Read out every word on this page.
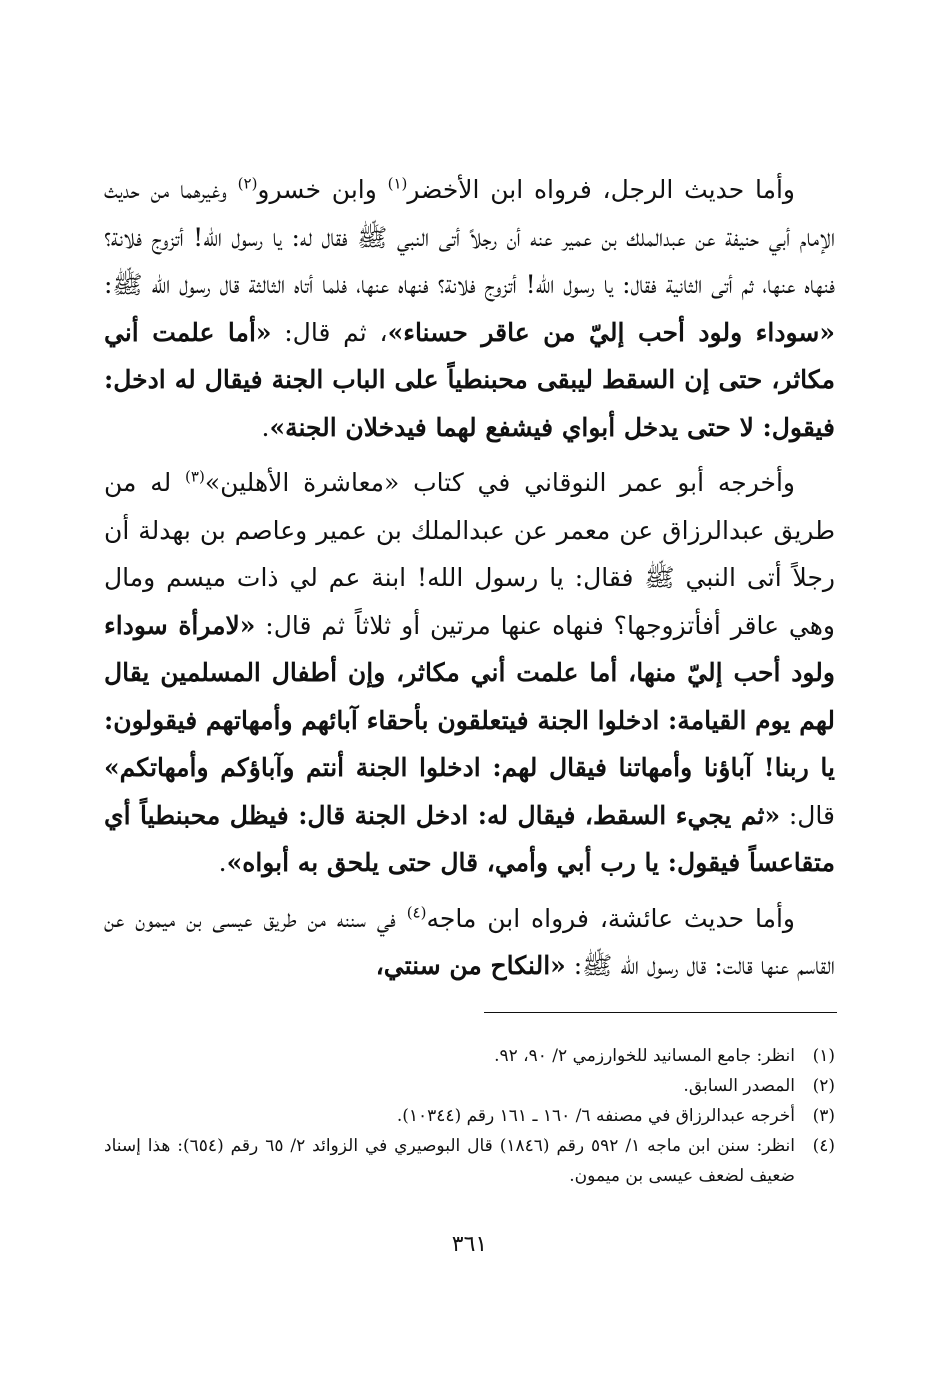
وأما حديث الرجل، فرواه ابن الأخضر$^{(١)}$ وابن خسرو$^{(٢)}$ وغيرهما من حديث الإمام أبي حنيفة عن عبدالملك بن عمير عنه أن رجلاً أتى النبي ﷺ فقال له: يا رسول الله! أتزوج فلانة؟ فنهاه عنها، ثم أتى الثانية فقال: يا رسول الله! أتزوج فلانة؟ فنهاه عنها، فلما أتاه الثالثة قال رسول الله ﷺ: «سوداء ولود أحب إليّ من عاقر حسناء»، ثم قال: «أما علمت أني مكاثر، حتى إن السقط ليبقى محبنطياً على الباب الجنة فيقال له ادخل: فيقول: لا حتى يدخل أبواي فيشفع لهما فيدخلان الجنة».

وأخرجه أبو عمر النوقاني في كتاب «معاشرة الأهلين»$^{(٣)}$ له من طريق عبدالرزاق عن معمر عن عبدالملك بن عمير وعاصم بن بهدلة أن رجلاً أتى النبي ﷺ فقال: يا رسول الله! ابنة عم لي ذات ميسم ومال وهي عاقر أفأتزوجها؟ فنهاه عنها مرتين أو ثلاثاً ثم قال: «لامرأة سوداء ولود أحب إليّ منها، أما علمت أني مكاثر، وإن أطفال المسلمين يقال لهم يوم القيامة: ادخلوا الجنة فيتعلقون بأحقاء آبائهم وأمهاتهم فيقولون: يا ربنا! آباؤنا وأمهاتنا فيقال لهم: ادخلوا الجنة أنتم وآباؤكم وأمهاتكم» قال: «ثم يجيء السقط، فيقال له: ادخل الجنة قال: فيظل محبنطياً أي متقاعساً فيقول: يا رب أبي وأمي، قال حتى يلحق به أبواه».

وأما حديث عائشة، فرواه ابن ماجه$^{(٤)}$ في سننه من طريق عيسى بن ميمون عن القاسم عنها قالت: قال رسول الله ﷺ: «النكاح من سنتي،

(١)
انظر: جامع المسانيد للخوارزمي ٢/ ٩٠، ٩٢.
(٢)
المصدر السابق.
(٣)
أخرجه عبدالرزاق في مصنفه ٦/ ١٦٠ ـ ١٦١ رقم (١٠٣٤٤).
(٤)
انظر: سنن ابن ماجه ١/ ٥٩٢ رقم (١٨٤٦) قال البوصيري في الزوائد ٢/ ٦٥ رقم (٦٥٤): هذا إسناد ضعيف لضعف عيسى بن ميمون.
٣٦١
